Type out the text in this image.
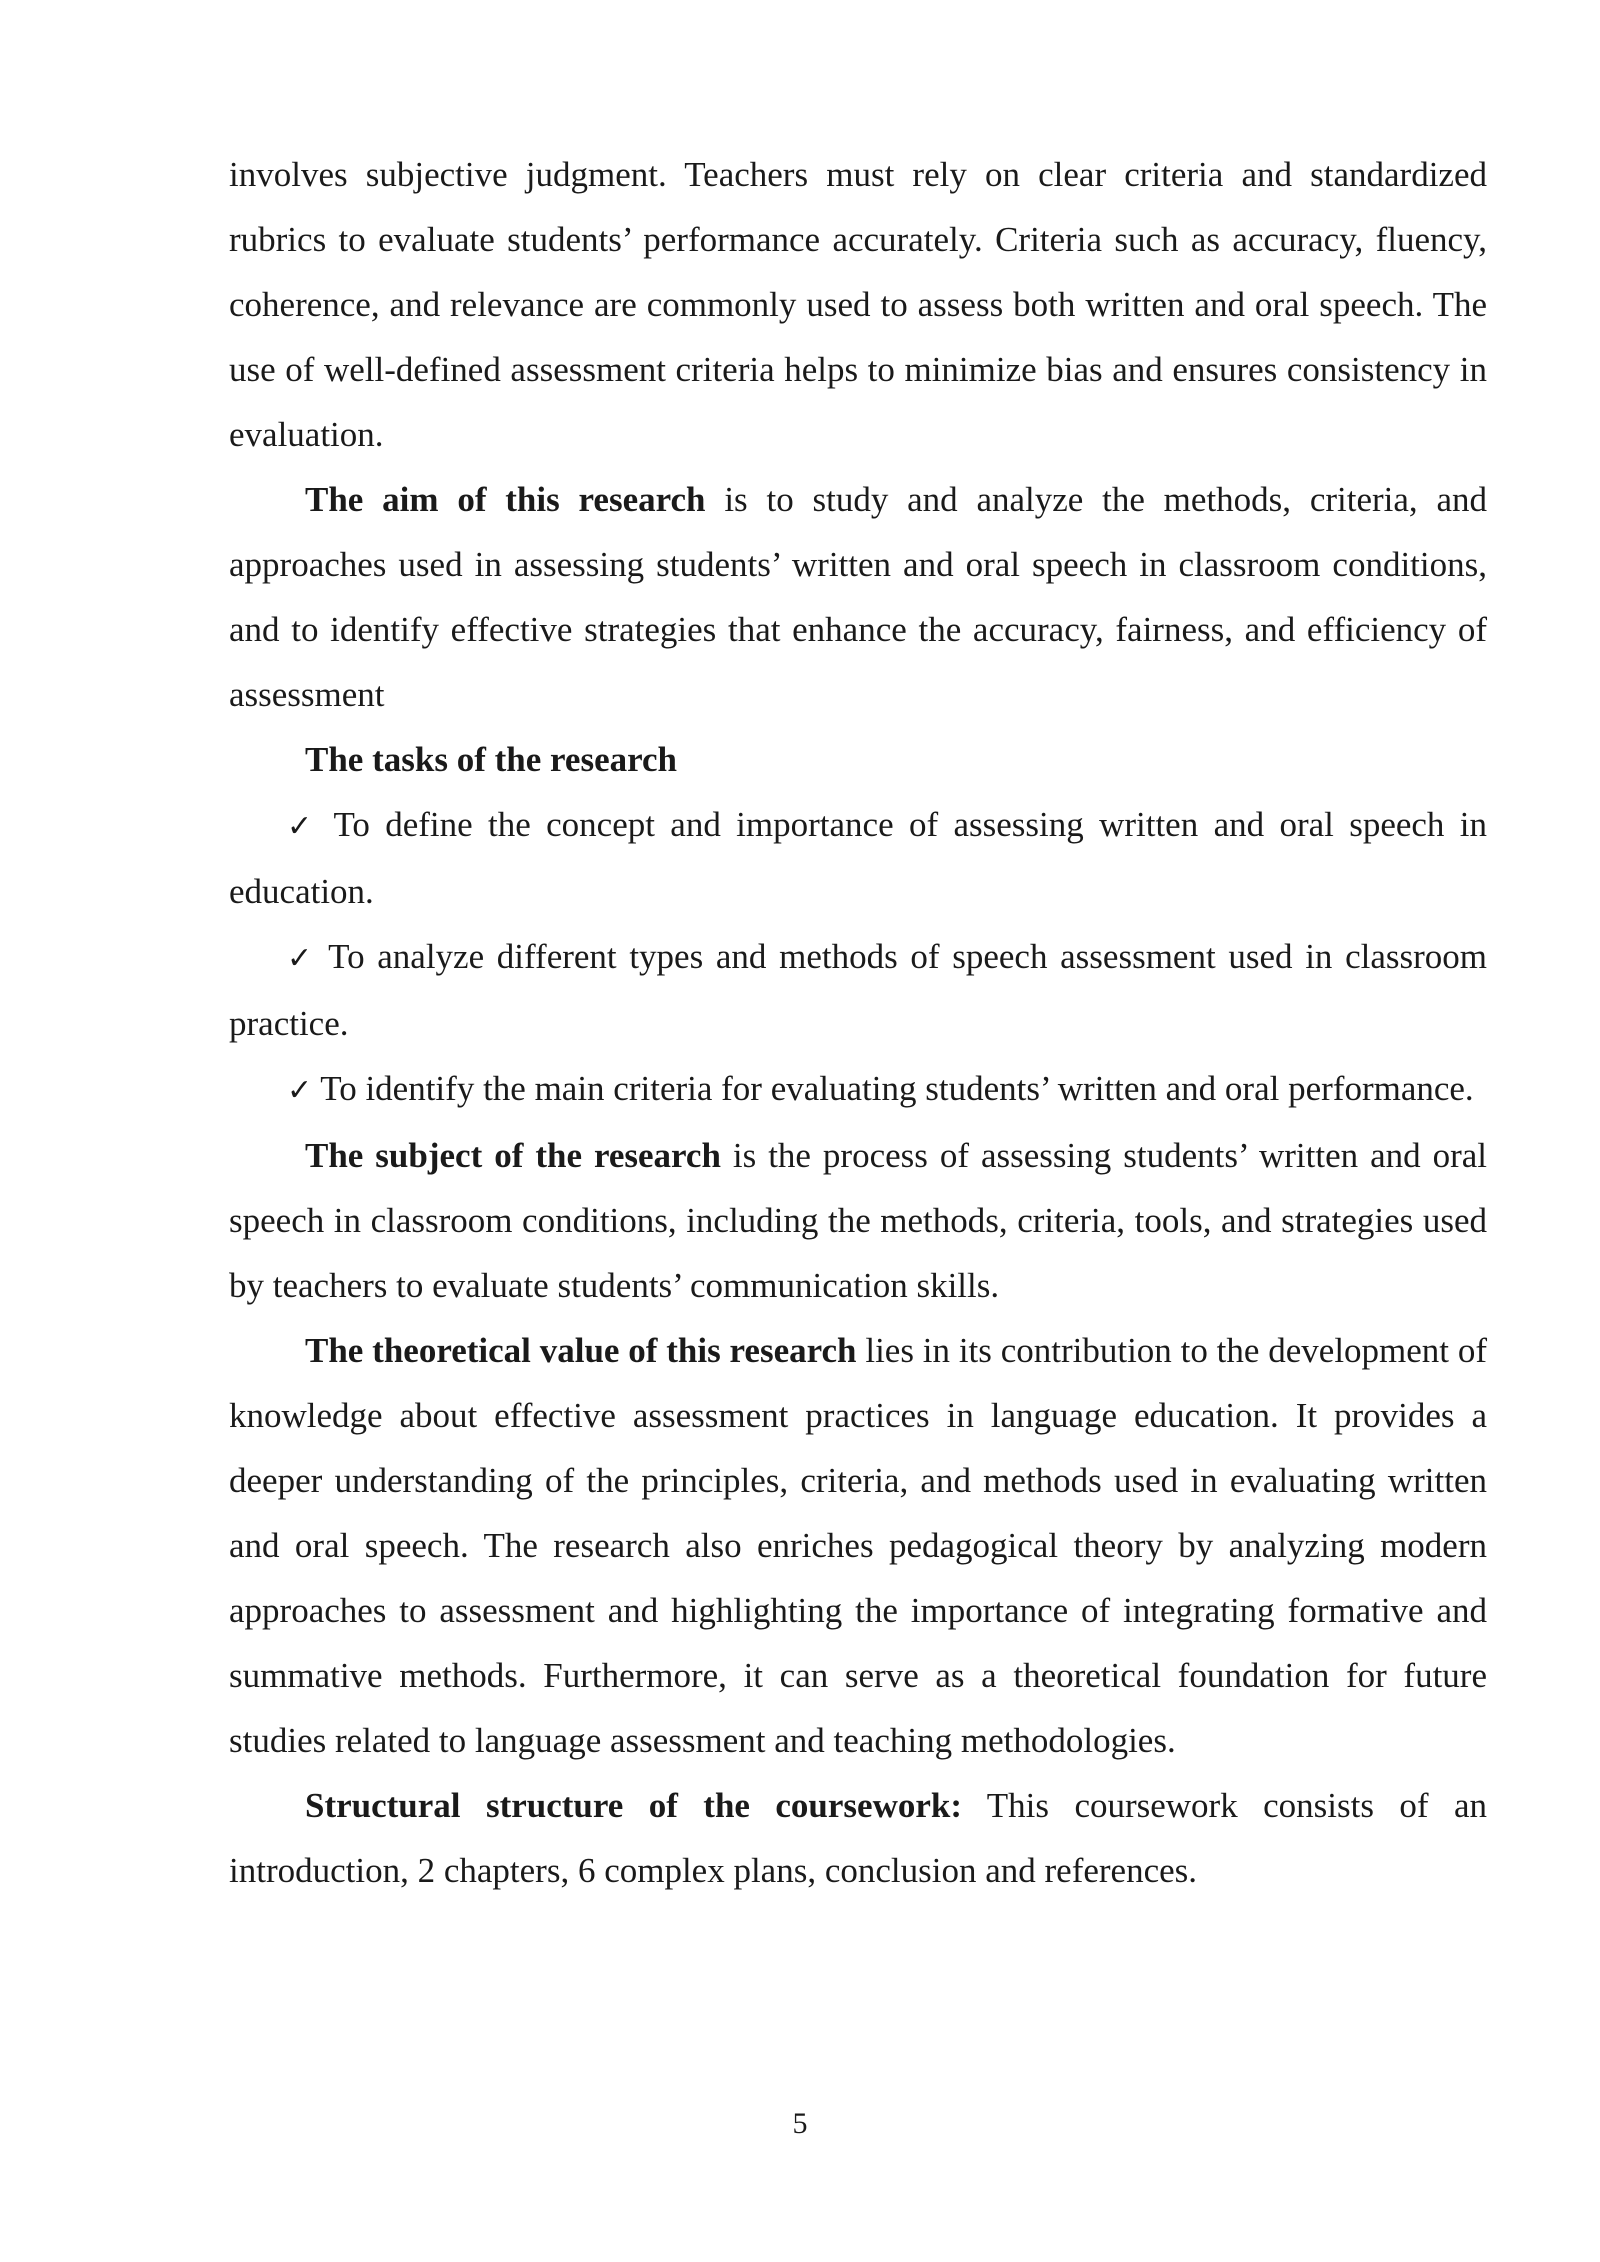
involves subjective judgment. Teachers must rely on clear criteria and standardized rubrics to evaluate students’ performance accurately. Criteria such as accuracy, fluency, coherence, and relevance are commonly used to assess both written and oral speech. The use of well-defined assessment criteria helps to minimize bias and ensures consistency in evaluation.

The aim of this research is to study and analyze the methods, criteria, and approaches used in assessing students’ written and oral speech in classroom conditions, and to identify effective strategies that enhance the accuracy, fairness, and efficiency of assessment

The tasks of the research

✓ To define the concept and importance of assessing written and oral speech in education.

✓ To analyze different types and methods of speech assessment used in classroom practice.

✓ To identify the main criteria for evaluating students’ written and oral performance.

The subject of the research is the process of assessing students’ written and oral speech in classroom conditions, including the methods, criteria, tools, and strategies used by teachers to evaluate students’ communication skills.

The theoretical value of this research lies in its contribution to the development of knowledge about effective assessment practices in language education. It provides a deeper understanding of the principles, criteria, and methods used in evaluating written and oral speech. The research also enriches pedagogical theory by analyzing modern approaches to assessment and highlighting the importance of integrating formative and summative methods. Furthermore, it can serve as a theoretical foundation for future studies related to language assessment and teaching methodologies.

Structural structure of the coursework: This coursework consists of an introduction, 2 chapters, 6 complex plans, conclusion and references.

5
